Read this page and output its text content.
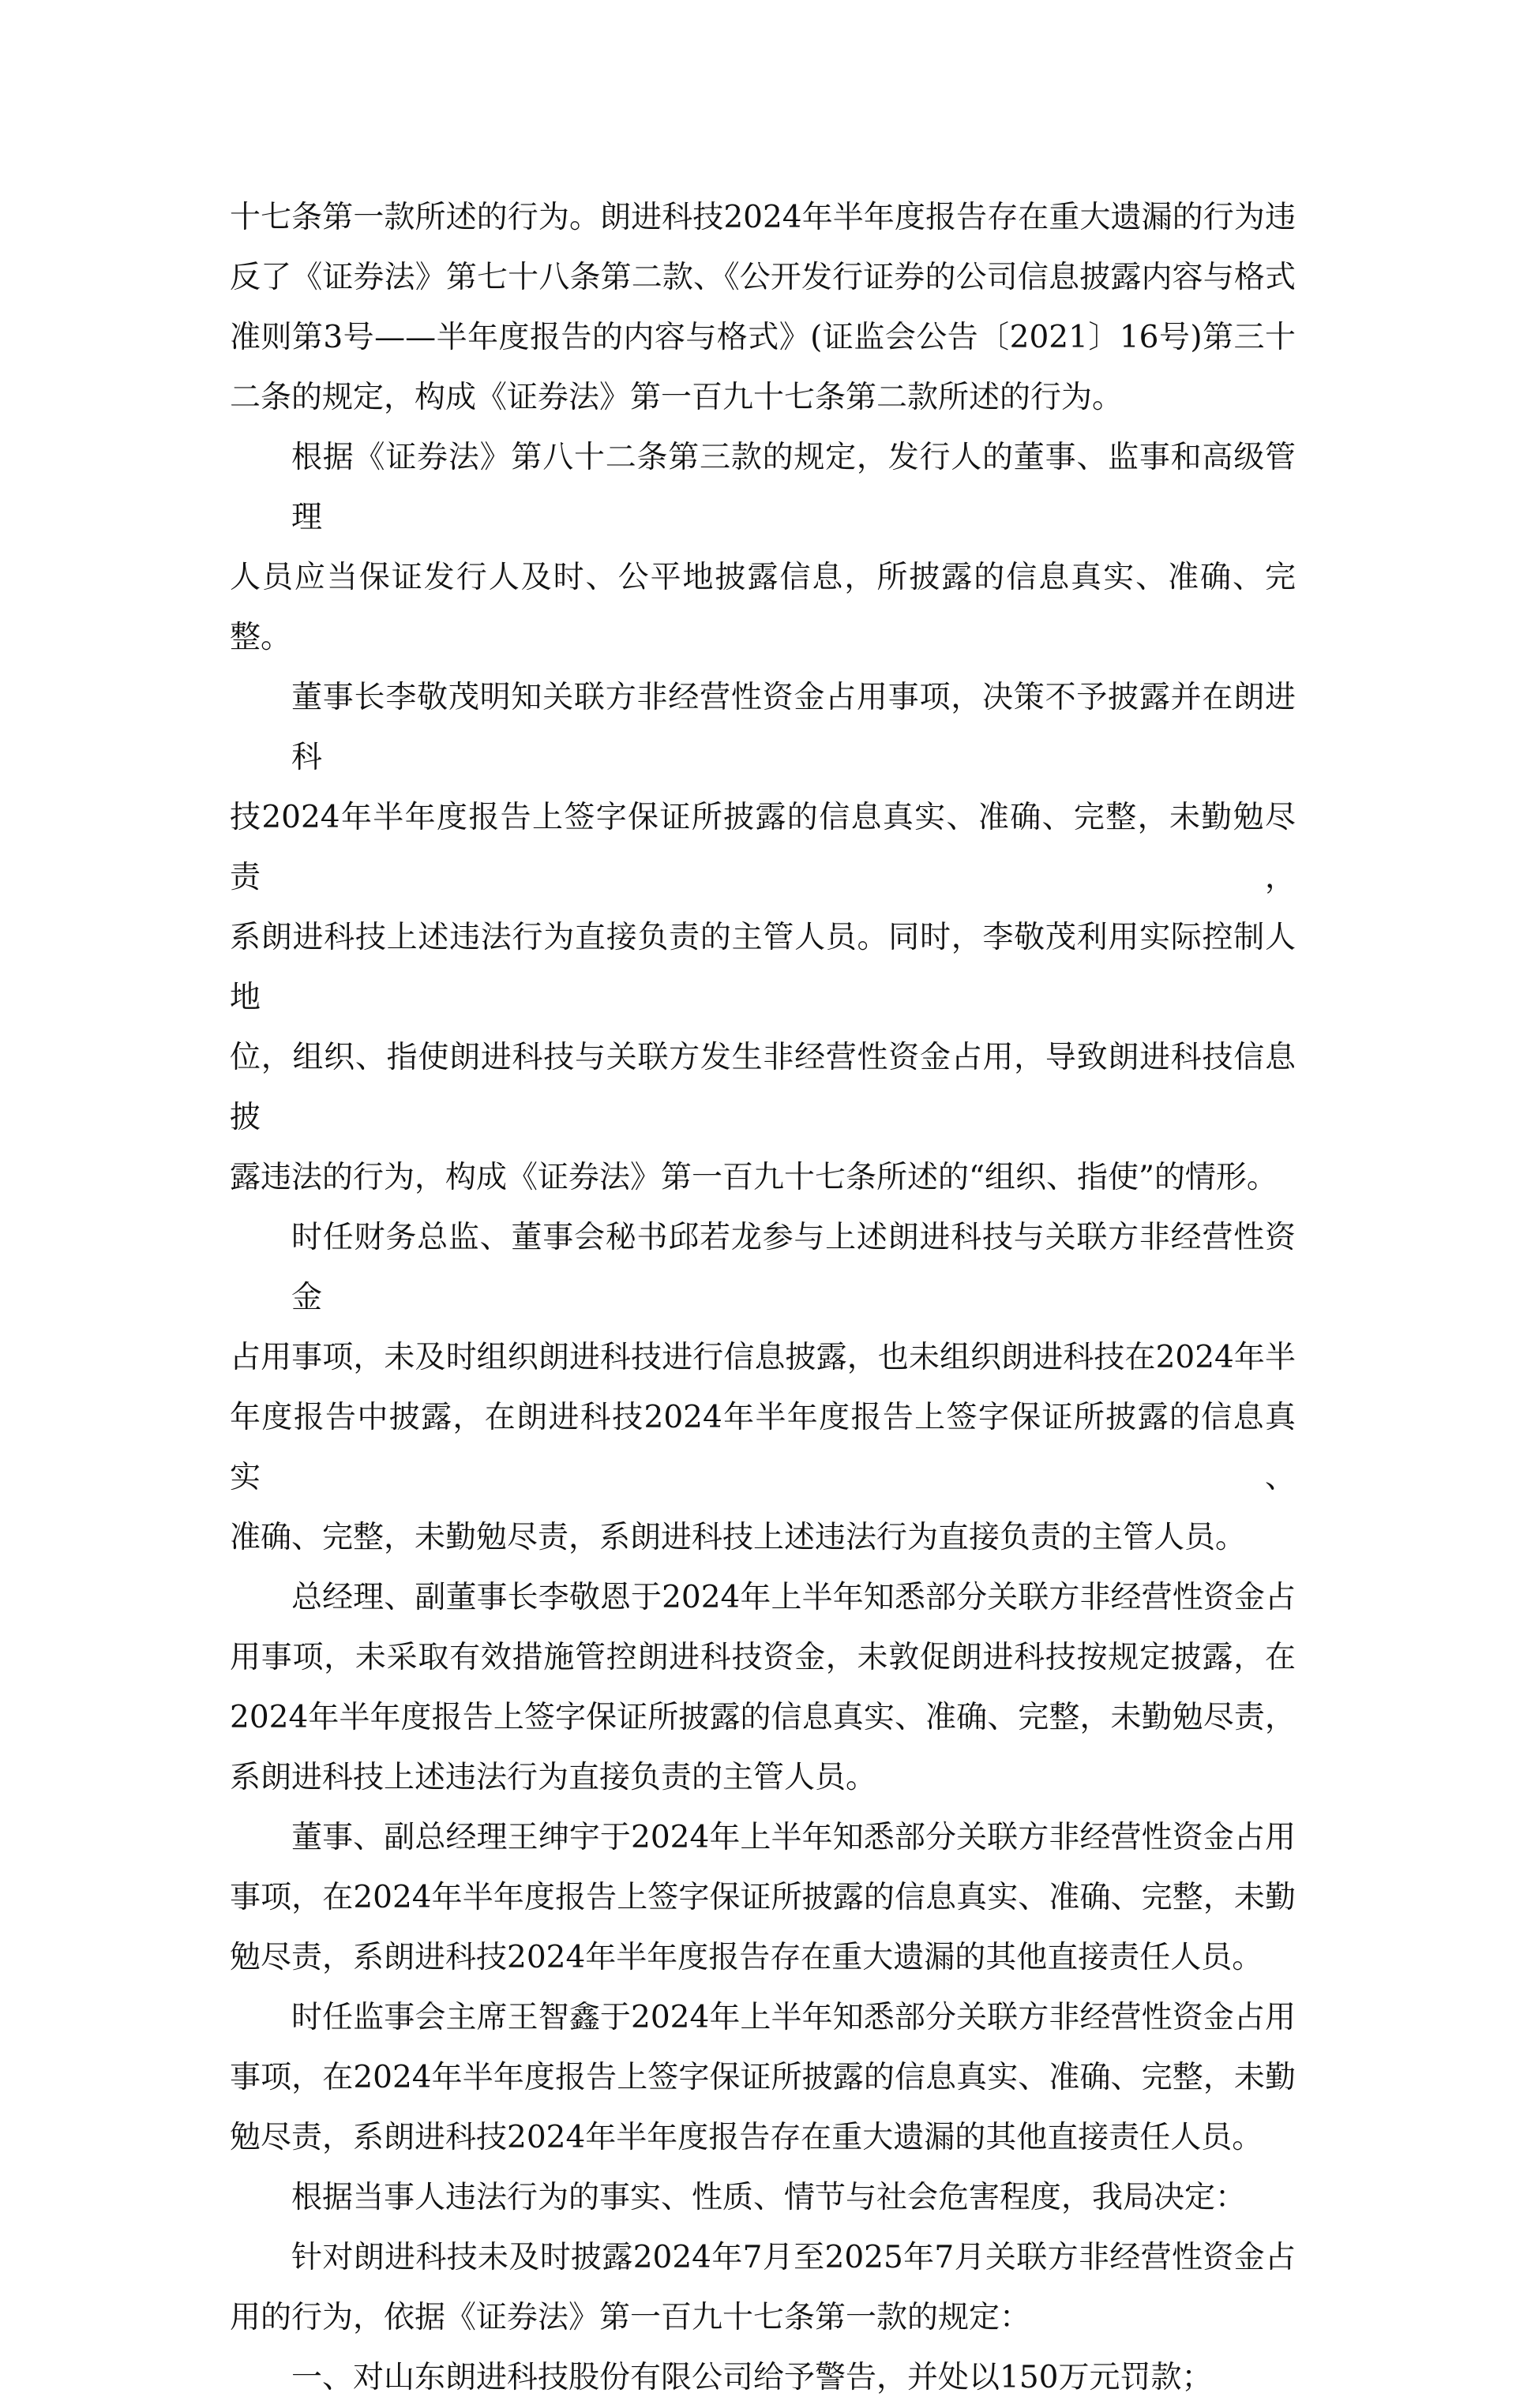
十七条第一款所述的行为。朗进科技2024年半年度报告存在重大遗漏的行为违
反了《证券法》第七十八条第二款、《公开发行证券的公司信息披露内容与格式
准则第3号——半年度报告的内容与格式》(证监会公告〔2021〕16号)第三十
二条的规定，构成《证券法》第一百九十七条第二款所述的行为。
根据《证券法》第八十二条第三款的规定，发行人的董事、监事和高级管理
人员应当保证发行人及时、公平地披露信息，所披露的信息真实、准确、完整。
董事长李敬茂明知关联方非经营性资金占用事项，决策不予披露并在朗进科
技2024年半年度报告上签字保证所披露的信息真实、准确、完整，未勤勉尽责，
系朗进科技上述违法行为直接负责的主管人员。同时，李敬茂利用实际控制人地
位，组织、指使朗进科技与关联方发生非经营性资金占用，导致朗进科技信息披
露违法的行为，构成《证券法》第一百九十七条所述的“组织、指使”的情形。
时任财务总监、董事会秘书邱若龙参与上述朗进科技与关联方非经营性资金
占用事项，未及时组织朗进科技进行信息披露，也未组织朗进科技在2024年半
年度报告中披露，在朗进科技2024年半年度报告上签字保证所披露的信息真实、
准确、完整，未勤勉尽责，系朗进科技上述违法行为直接负责的主管人员。
总经理、副董事长李敬恩于2024年上半年知悉部分关联方非经营性资金占
用事项，未采取有效措施管控朗进科技资金，未敦促朗进科技按规定披露，在
2024年半年度报告上签字保证所披露的信息真实、准确、完整，未勤勉尽责，
系朗进科技上述违法行为直接负责的主管人员。
董事、副总经理王绅宇于2024年上半年知悉部分关联方非经营性资金占用
事项，在2024年半年度报告上签字保证所披露的信息真实、准确、完整，未勤
勉尽责，系朗进科技2024年半年度报告存在重大遗漏的其他直接责任人员。
时任监事会主席王智鑫于2024年上半年知悉部分关联方非经营性资金占用
事项，在2024年半年度报告上签字保证所披露的信息真实、准确、完整，未勤
勉尽责，系朗进科技2024年半年度报告存在重大遗漏的其他直接责任人员。
根据当事人违法行为的事实、性质、情节与社会危害程度，我局决定：
针对朗进科技未及时披露2024年7月至2025年7月关联方非经营性资金占
用的行为，依据《证券法》第一百九十七条第一款的规定：
一、对山东朗进科技股份有限公司给予警告，并处以150万元罚款；
